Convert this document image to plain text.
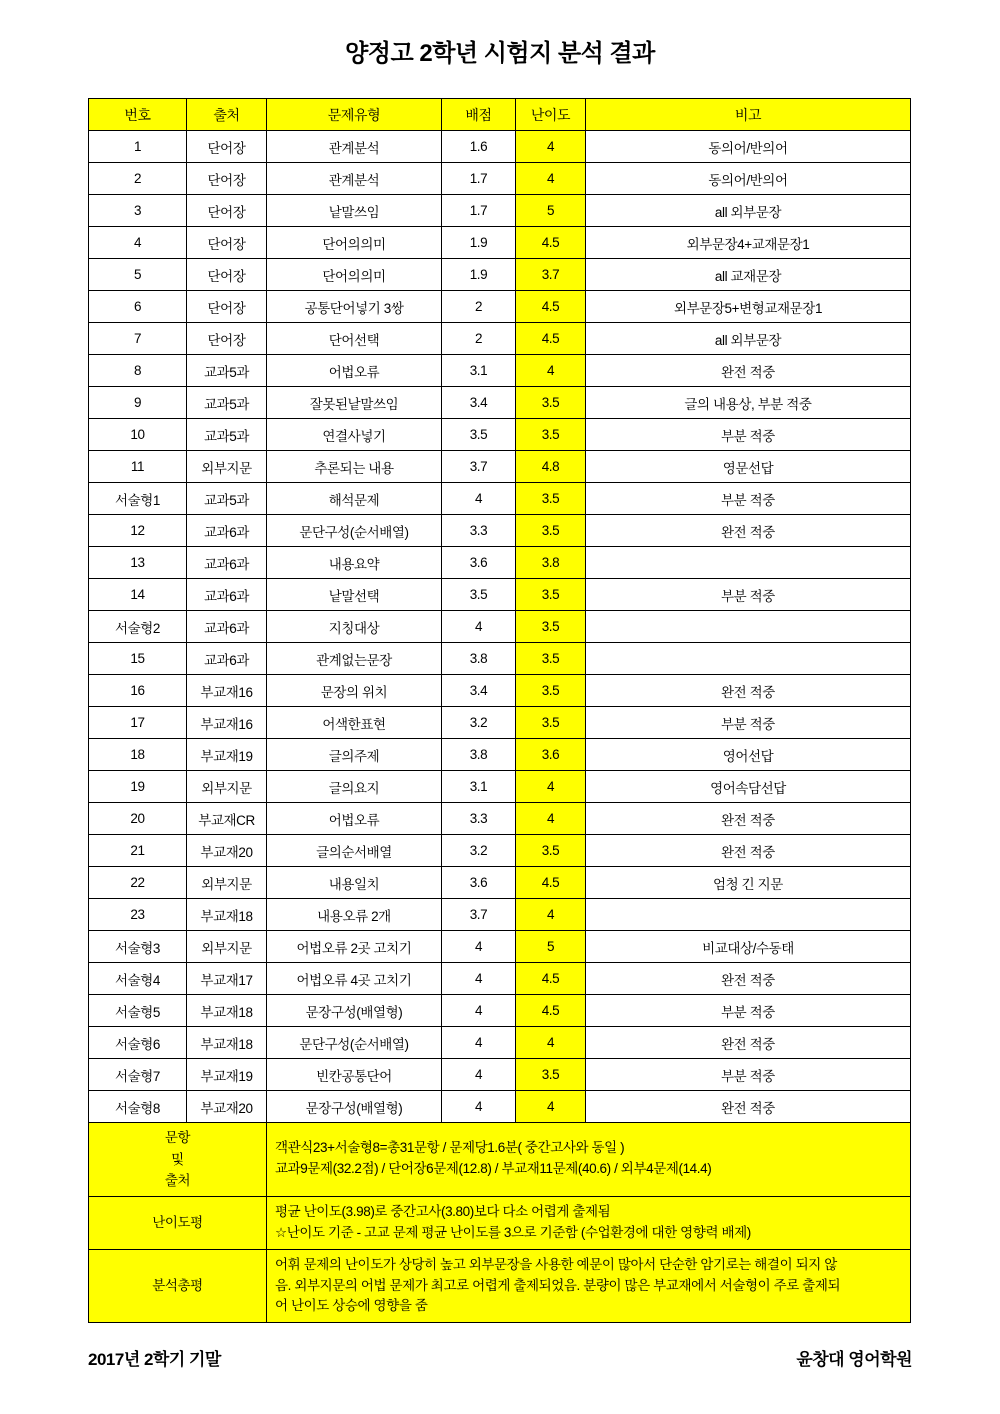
양정고 2학년 시험지 분석 결과
번호	출처	문제유형	배점	난이도	비고
1	단어장	관계분석	1.6	4	동의어/반의어
2	단어장	관계분석	1.7	4	동의어/반의어
3	단어장	낱말쓰임	1.7	5	all 외부문장
4	단어장	단어의의미	1.9	4.5	외부문장4+교재문장1
5	단어장	단어의의미	1.9	3.7	all 교재문장
6	단어장	공통단어넣기 3쌍	2	4.5	외부문장5+변형교재문장1
7	단어장	단어선택	2	4.5	all 외부문장
8	교과5과	어법오류	3.1	4	완전 적중
9	교과5과	잘못된낱말쓰임	3.4	3.5	글의 내용상, 부분 적중
10	교과5과	연결사넣기	3.5	3.5	부분 적중
11	외부지문	추론되는 내용	3.7	4.8	영문선답
서술형1	교과5과	해석문제	4	3.5	부분 적중
12	교과6과	문단구성(순서배열)	3.3	3.5	완전 적중
13	교과6과	내용요약	3.6	3.8	
14	교과6과	낱말선택	3.5	3.5	부분 적중
서술형2	교과6과	지칭대상	4	3.5	
15	교과6과	관계없는문장	3.8	3.5	
16	부교재16	문장의 위치	3.4	3.5	완전 적중
17	부교재16	어색한표현	3.2	3.5	부분 적중
18	부교재19	글의주제	3.8	3.6	영어선답
19	외부지문	글의요지	3.1	4	영어속담선답
20	부교재CR	어법오류	3.3	4	완전 적중
21	부교재20	글의순서배열	3.2	3.5	완전 적중
22	외부지문	내용일치	3.6	4.5	엄청 긴 지문
23	부교재18	내용오류 2개	3.7	4	
서술형3	외부지문	어법오류 2곳 고치기	4	5	비교대상/수동태
서술형4	부교재17	어법오류 4곳 고치기	4	4.5	완전 적중
서술형5	부교재18	문장구성(배열형)	4	4.5	부분 적중
서술형6	부교재18	문단구성(순서배열)	4	4	완전 적중
서술형7	부교재19	빈칸공통단어	4	3.5	부분 적중
서술형8	부교재20	문장구성(배열형)	4	4	완전 적중

문항
및
출처		객관식23+서술형8=총31문항 / 문제당1.6분( 중간고사와 동일 )
교과9문제(32.2점) / 단어장6문제(12.8) / 부교재11문제(40.6) / 외부4문제(14.4)			

난이도평		평균 난이도(3.98)로 중간고사(3.80)보다 다소 어렵게 출제됨
☆난이도 기준 - 고교 문제 평균 난이도를 3으로 기준함 (수업환경에 대한 영향력 배제)			

분석총평		어휘 문제의 난이도가 상당히 높고 외부문장을 사용한 예문이 많아서 단순한 암기로는 해결이 되지 않
음. 외부지문의 어법 문제가 최고로 어렵게 출제되었음. 분량이 많은 부교재에서 서술형이 주로 출제되
어 난이도 상승에 영향을 줌			
2017년 2학기 기말	윤창대 영어학원
